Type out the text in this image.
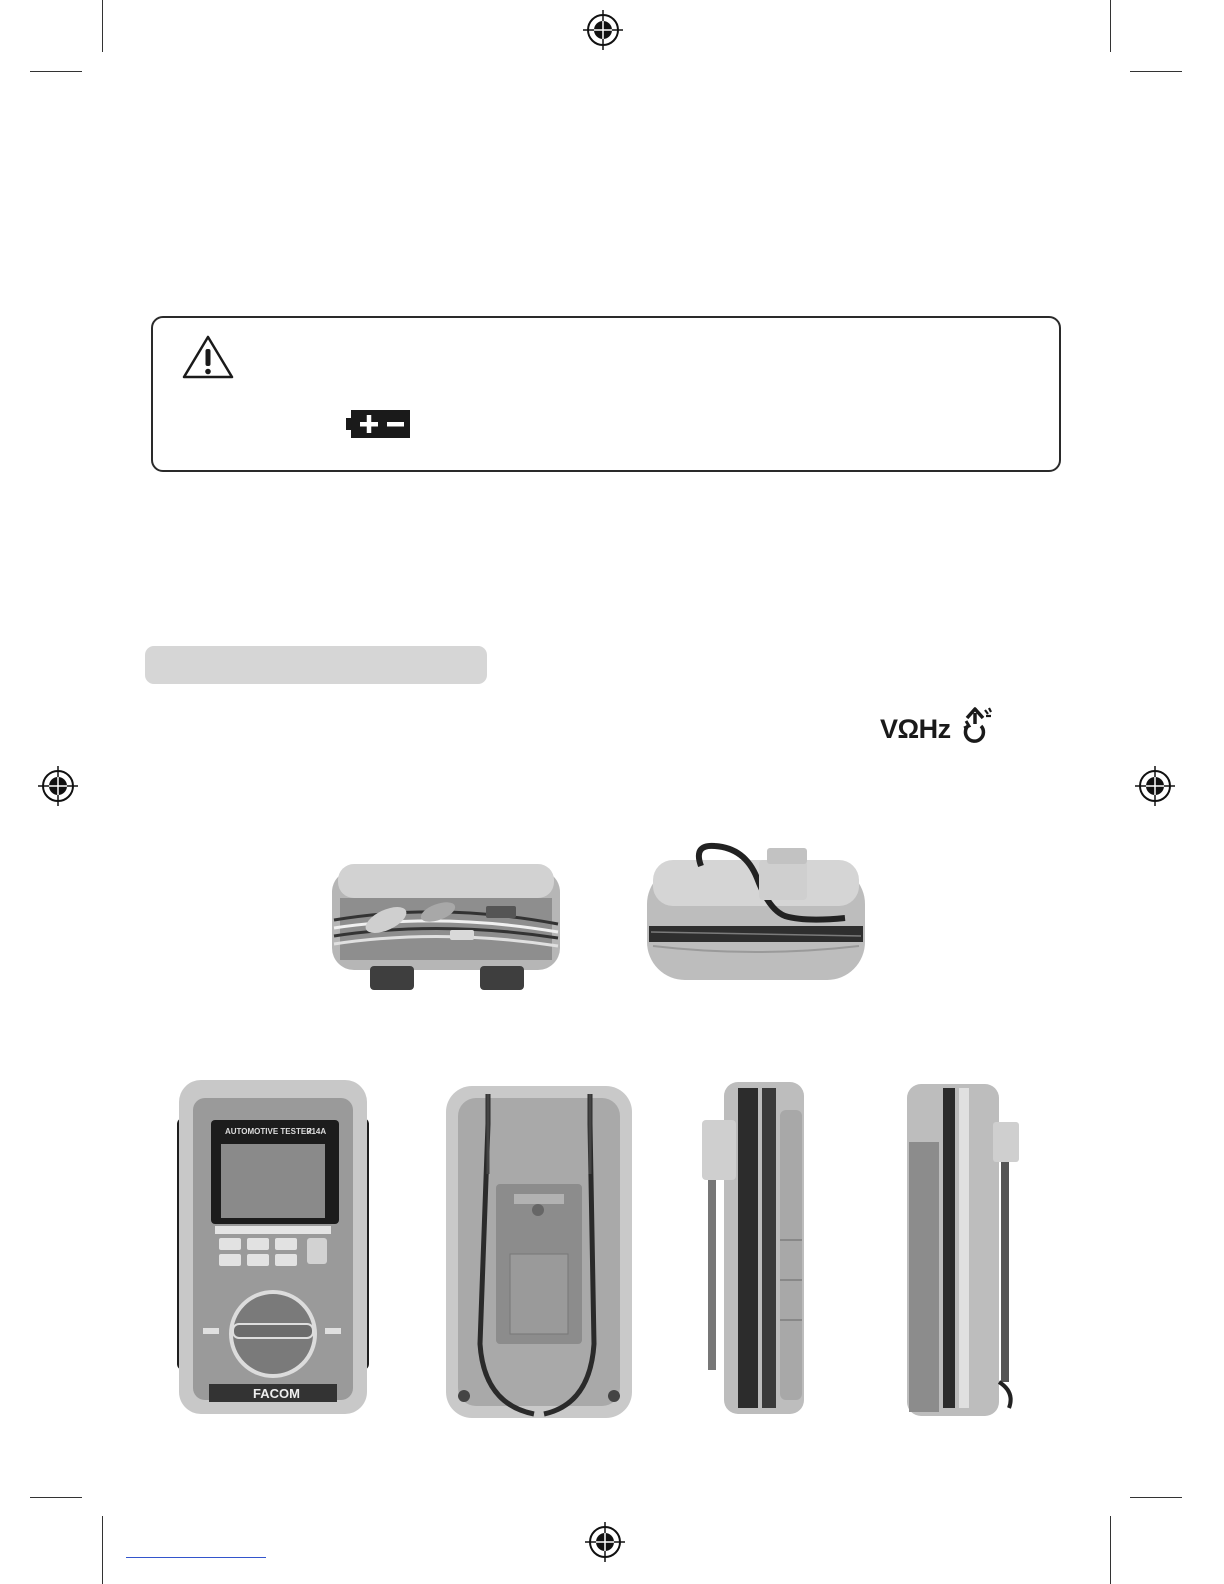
VΩHz
AUTOMOTIVE TESTER
714A
FACOM
